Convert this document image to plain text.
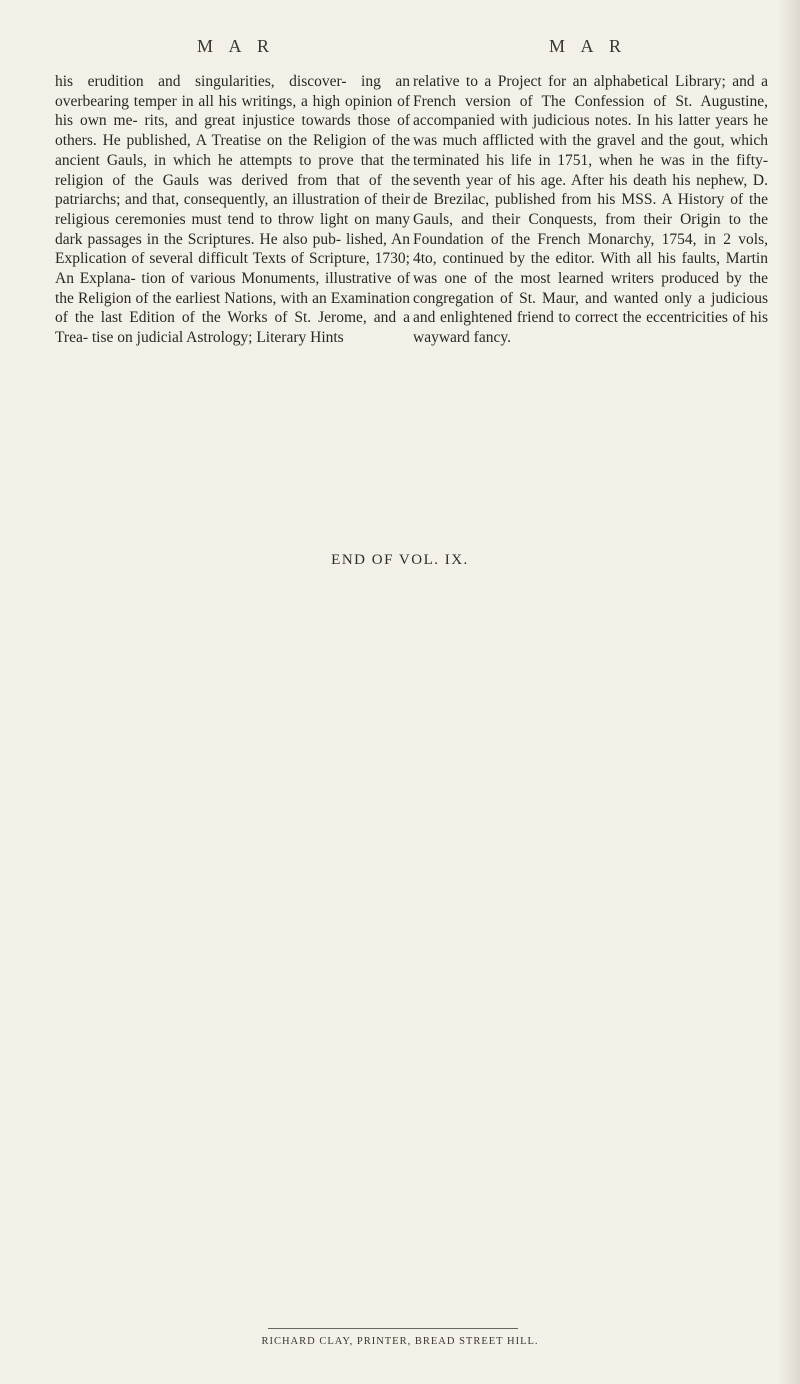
M A R	M A R

his erudition and singularities, discover- ing an overbearing temper in all his writings, a high opinion of his own me- rits, and great injustice towards those of others. He published, A Treatise on the Religion of the ancient Gauls, in which he attempts to prove that the religion of the Gauls was derived from that of the patriarchs; and that, consequently, an illustration of their religious ceremonies must tend to throw light on many dark passages in the Scriptures. He also pub- lished, An Explication of several difficult Texts of Scripture, 1730; An Explana- tion of various Monuments, illustrative of the Religion of the earliest Nations, with an Examination of the last Edition of the Works of St. Jerome, and a Trea- tise on judicial Astrology; Literary Hints

relative to a Project for an alphabetical Library; and a French version of The Confession of St. Augustine, accompanied with judicious notes. In his latter years he was much afflicted with the gravel and the gout, which terminated his life in 1751, when he was in the fifty-seventh year of his age. After his death his nephew, D. de Brezilac, published from his MSS. A History of the Gauls, and their Conquests, from their Origin to the Foundation of the French Monarchy, 1754, in 2 vols, 4to, continued by the editor. With all his faults, Martin was one of the most learned writers produced by the congregation of St. Maur, and wanted only a judicious and enlightened friend to correct the eccentricities of his wayward fancy.

END OF VOL. IX.
RICHARD CLAY, PRINTER, BREAD STREET HILL.
